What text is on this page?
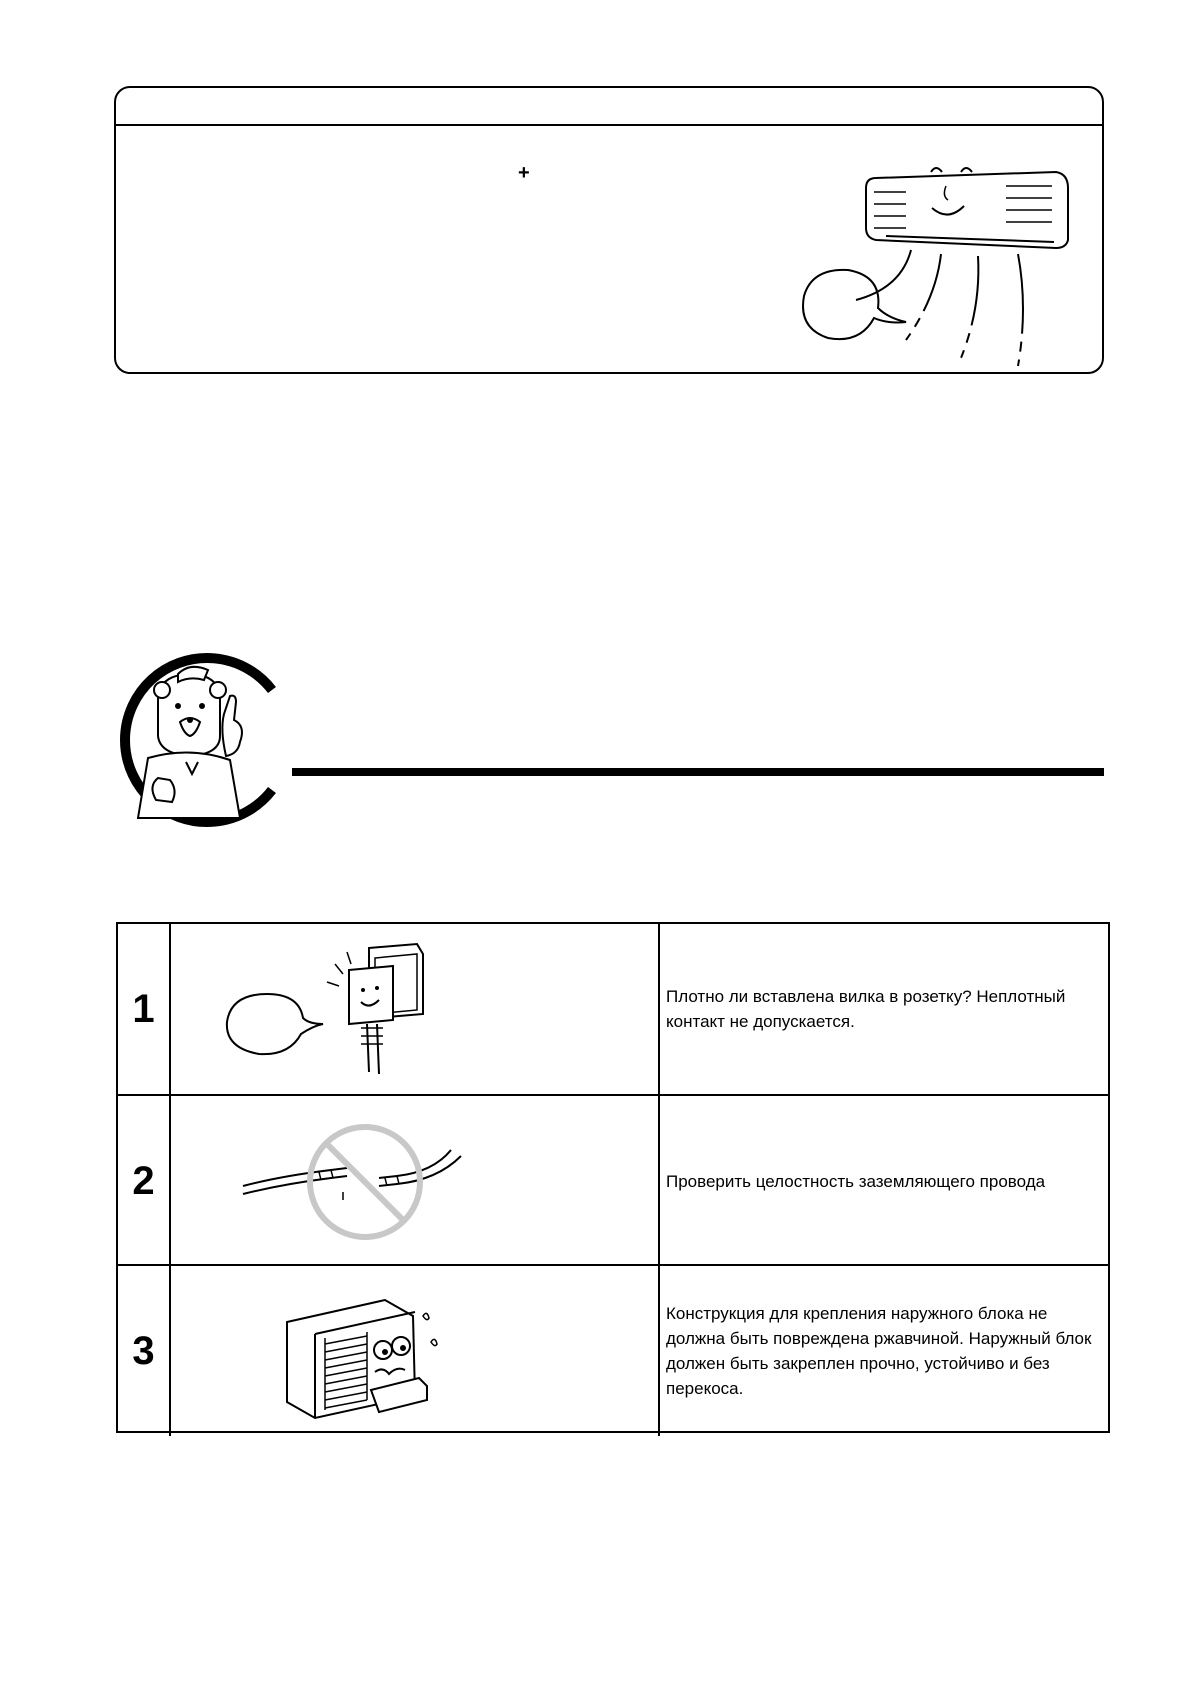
+
1	Плотно ли вставлена вилка в розетку? Неплотный контакт не допускается.
2	Проверить целостность заземляющего провода
3
Конструкция для крепления наружного блока не должна быть повреждена ржавчиной. Наружный блок должен быть закреплен прочно, устойчиво и без перекоса.
